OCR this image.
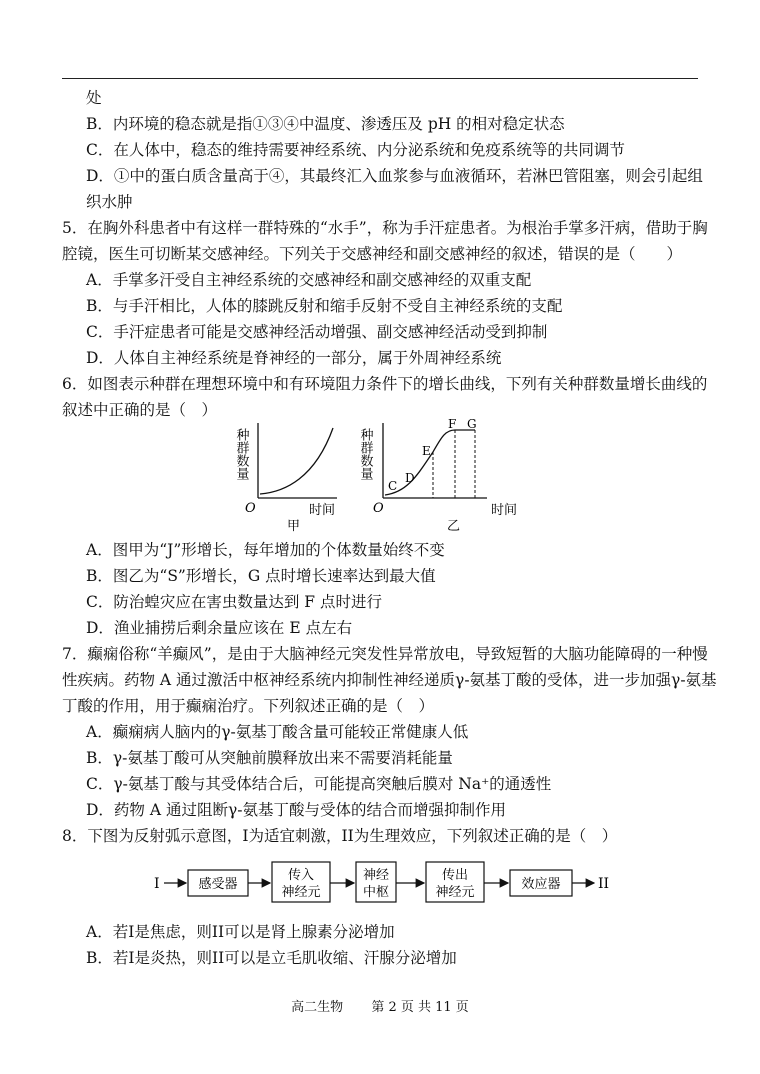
处
B．内环境的稳态就是指①③④中温度、渗透压及 pH 的相对稳定状态
C．在人体中，稳态的维持需要神经系统、内分泌系统和免疫系统等的共同调节
D．①中的蛋白质含量高于④，其最终汇入血浆参与血液循环，若淋巴管阻塞，则会引起组
织水肿
5．在胸外科患者中有这样一群特殊的“水手”，称为手汗症患者。为根治手掌多汗病，借助于胸
腔镜，医生可切断某交感神经。下列关于交感神经和副交感神经的叙述，错误的是（　　）
A．手掌多汗受自主神经系统的交感神经和副交感神经的双重支配
B．与手汗相比，人体的膝跳反射和缩手反射不受自主神经系统的支配
C．手汗症患者可能是交感神经活动增强、副交感神经活动受到抑制
D．人体自主神经系统是脊神经的一部分，属于外周神经系统
6．如图表示种群在理想环境中和有环境阻力条件下的增长曲线，下列有关种群数量增长曲线的
叙述中正确的是（　）
种群数量
O	时间
甲
种群数量
O	时间
乙
C
D
E
F G
A．图甲为“J”形增长，每年增加的个体数量始终不变
B．图乙为“S”形增长，G 点时增长速率达到最大值
C．防治蝗灾应在害虫数量达到 F 点时进行
D．渔业捕捞后剩余量应该在 E 点左右
7．癫痫俗称“羊癫风”，是由于大脑神经元突发性异常放电，导致短暂的大脑功能障碍的一种慢
性疾病。药物 A 通过激活中枢神经系统内抑制性神经递质γ-氨基丁酸的受体，进一步加强γ-氨基
丁酸的作用，用于癫痫治疗。下列叙述正确的是（　）
A．癫痫病人脑内的γ-氨基丁酸含量可能较正常健康人低
B．γ-氨基丁酸可从突触前膜释放出来不需要消耗能量
C．γ-氨基丁酸与其受体结合后，可能提高突触后膜对 Na⁺的通透性
D．药物 A 通过阻断γ-氨基丁酸与受体的结合而增强抑制作用
8．下图为反射弧示意图，I为适宜刺激，II为生理效应，下列叙述正确的是（　）
I	感受器
传入
神经元
神经
中枢
传出
神经元
效应器	II
A．若I是焦虑，则II可以是肾上腺素分泌增加
B．若I是炎热，则II可以是立毛肌收缩、汗腺分泌增加
高二生物 第 2 页 共 11 页
